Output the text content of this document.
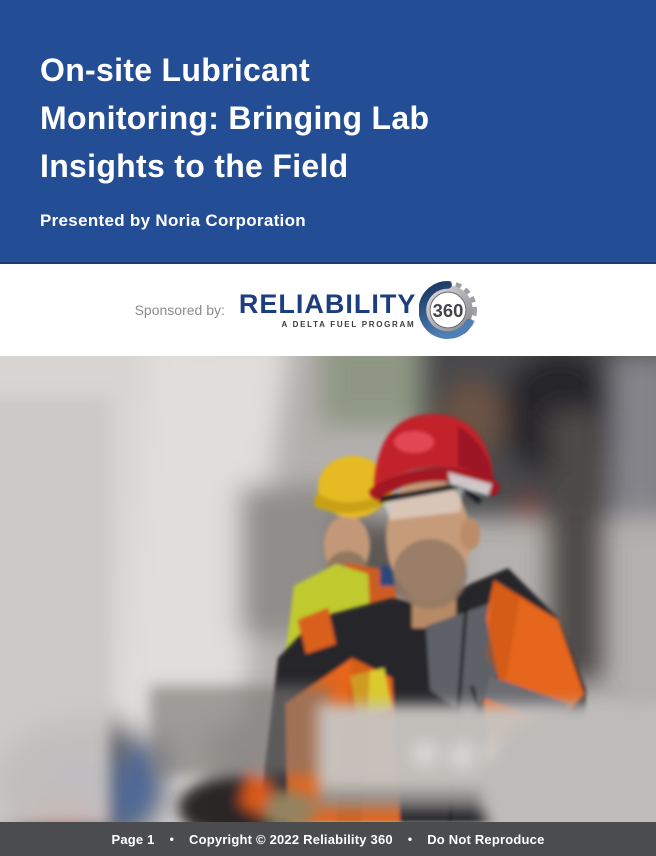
On-site Lubricant
Monitoring: Bringing Lab
Insights to the Field
Presented by Noria Corporation
Sponsored by: RELIABILITY
A DELTA FUEL PROGRAM
360
Page 1 • Copyright © 2022 Reliability 360 • Do Not Reproduce
